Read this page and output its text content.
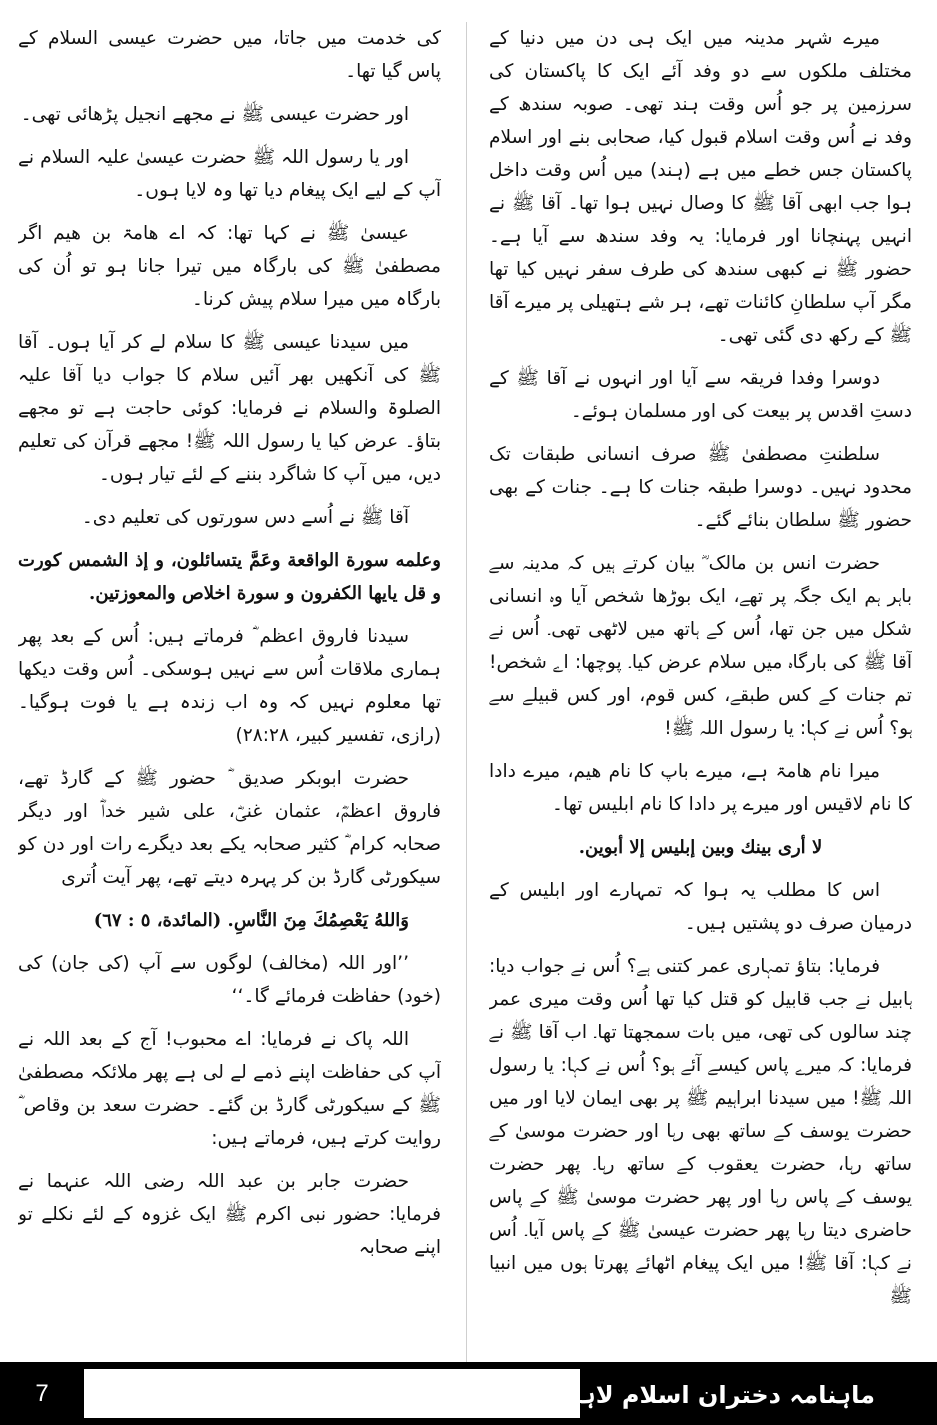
میرے شہر مدینہ میں ایک ہی دن میں دنیا کے مختلف ملکوں سے دو وفد آئے ایک کا پاکستان کی سرزمین پر جو اُس وقت ہند تھی۔ صوبہ سندھ کے وفد نے اُس وقت اسلام قبول کیا، صحابی بنے اور اسلام پاکستان جس خطے میں ہے (ہند) میں اُس وقت داخل ہوا جب ابھی آقا ﷺ کا وصال نہیں ہوا تھا۔ آقا ﷺ نے انہیں پہنچانا اور فرمایا: یہ وفد سندھ سے آیا ہے۔ حضور ﷺ نے کبھی سندھ کی طرف سفر نہیں کیا تھا مگر آپ سلطانِ کائنات تھے، ہر شے ہتھیلی پر میرے آقا ﷺ کے رکھ دی گئی تھی۔

دوسرا وفدا فریقہ سے آیا اور انہوں نے آقا ﷺ کے دستِ اقدس پر بیعت کی اور مسلمان ہوئے۔

سلطنتِ مصطفیٰ ﷺ صرف انسانی طبقات تک محدود نہیں۔ دوسرا طبقہ جنات کا ہے۔ جنات کے بھی حضور ﷺ سلطان بنائے گئے۔

حضرت انس بن مالک ؓ بیان کرتے ہیں کہ مدینہ سے باہر ہم ایک جگہ پر تھے، ایک بوڑھا شخص آیا وہ انسانی شکل میں جن تھا، اُس کے ہاتھ میں لاٹھی تھی۔ اُس نے آقا ﷺ کی بارگاہ میں سلام عرض کیا۔ پوچھا: اے شخص! تم جنات کے کس طبقے، کس قوم، اور کس قبیلے سے ہو؟ اُس نے کہا: یا رسول اللہ ﷺ!

میرا نام ھامۃ ہے، میرے باپ کا نام ھیم، میرے دادا کا نام لاقیس اور میرے پر دادا کا نام ابلیس تھا۔

لا أرى بينك وبين إبليس إلا أبوين.

اس کا مطلب یہ ہوا کہ تمہارے اور ابلیس کے درمیان صرف دو پشتیں ہیں۔

فرمایا: بتاؤ تمہاری عمر کتنی ہے؟ اُس نے جواب دیا: ہابیل نے جب قابیل کو قتل کیا تھا اُس وقت میری عمر چند سالوں کی تھی، میں بات سمجھتا تھا۔ اب آقا ﷺ نے فرمایا: کہ میرے پاس کیسے آئے ہو؟ اُس نے کہا: یا رسول اللہ ﷺ! میں سیدنا ابراہیم ﷺ پر بھی ایمان لایا اور میں حضرت یوسف کے ساتھ بھی رہا اور حضرت موسیٰ کے ساتھ رہا، حضرت یعقوب کے ساتھ رہا۔ پھر حضرت یوسف کے پاس رہا اور پھر حضرت موسیٰ ﷺ کے پاس حاضری دیتا رہا پھر حضرت عیسیٰ ﷺ کے پاس آیا۔ اُس نے کہا: آقا ﷺ! میں ایک پیغام اٹھائے پھرتا ہوں میں انبیا ﷺ

کی خدمت میں جاتا، میں حضرت عیسی السلام کے پاس گیا تھا۔

اور حضرت عیسی ﷺ نے مجھے انجیل پڑھائی تھی۔

اور یا رسول اللہ ﷺ حضرت عیسیٰ علیہ السلام نے آپ کے لیے ایک پیغام دیا تھا وہ لایا ہوں۔

عیسیٰ ﷺ نے کہا تھا: کہ اے ھامۃ بن ھیم اگر مصطفیٰ ﷺ کی بارگاہ میں تیرا جانا ہو تو اُن کی بارگاہ میں میرا سلام پیش کرنا۔

میں سیدنا عیسی ﷺ کا سلام لے کر آیا ہوں۔ آقا ﷺ کی آنکھیں بھر آئیں سلام کا جواب دیا آقا علیہ الصلوۃ والسلام نے فرمایا: کوئی حاجت ہے تو مجھے بتاؤ۔ عرض کیا یا رسول اللہ ﷺ! مجھے قرآن کی تعلیم دیں، میں آپ کا شاگرد بننے کے لئے تیار ہوں۔

آقا ﷺ نے اُسے دس سورتوں کی تعلیم دی۔

وعلمه سورة الواقعة وعَمَّ يتسائلون، و إذ الشمس كورت و قل يايها الكفرون و سورة اخلاص والمعوزتين.

سیدنا فاروق اعظم ؓ فرماتے ہیں: اُس کے بعد پھر ہماری ملاقات اُس سے نہیں ہوسکی۔ اُس وقت دیکھا تھا معلوم نہیں کہ وہ اب زندہ ہے یا فوت ہوگیا۔ (رازی، تفسیر کبیر، ۲۸:۲۸)

حضرت ابوبکر صدیق ؓ حضور ﷺ کے گارڈ تھے، فاروق اعظمؓ، عثمان غنیؓ، علی شیر خداؓ اور دیگر صحابہ کرام ؓ کثیر صحابہ یکے بعد دیگرے رات اور دن کو سیکورٹی گارڈ بن کر پہرہ دیتے تھے، پھر آیت اُتری

وَاللهُ يَعْصِمُكَ مِنَ النَّاسِ. (المائدة، ٥ : ٦٧)

’’اور اللہ (مخالف) لوگوں سے آپ (کی جان) کی (خود) حفاظت فرمائے گا۔‘‘

اللہ پاک نے فرمایا: اے محبوب! آج کے بعد اللہ نے آپ کی حفاظت اپنے ذمے لے لی ہے پھر ملائکہ مصطفیٰ ﷺ کے سیکورٹی گارڈ بن گئے۔ حضرت سعد بن وقاص ؓ روایت کرتے ہیں، فرماتے ہیں:

حضرت جابر بن عبد اللہ رضی اللہ عنہما نے فرمایا: حضور نبی اکرم ﷺ ایک غزوہ کے لئے نکلے تو اپنے صحابہ

7	ماہنامہ دختران اسلام لاہور اکتوبر 2021
